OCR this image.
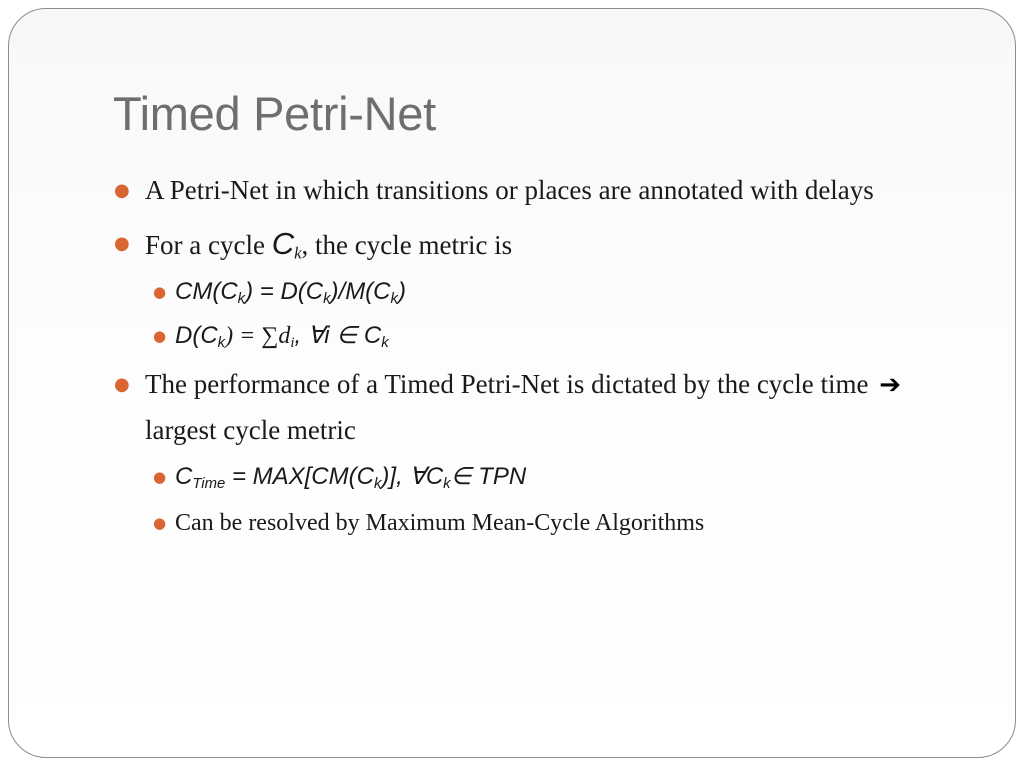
Timed Petri-Net

● A Petri-Net in which transitions or places are annotated with delays

● For a cycle $C_k$, the cycle metric is

● $CM(C_k) = D(C_k)/M(C_k)$

● $D(C_k) = \sum d_i$, ∀i ∈ $C_k$

● The performance of a Timed Petri-Net is dictated by the cycle time ➔ largest cycle metric

● $C_{Time} = MAX[CM(C_k)]$, $\forall C_k\in$ TPN

● Can be resolved by Maximum Mean-Cycle Algorithms
